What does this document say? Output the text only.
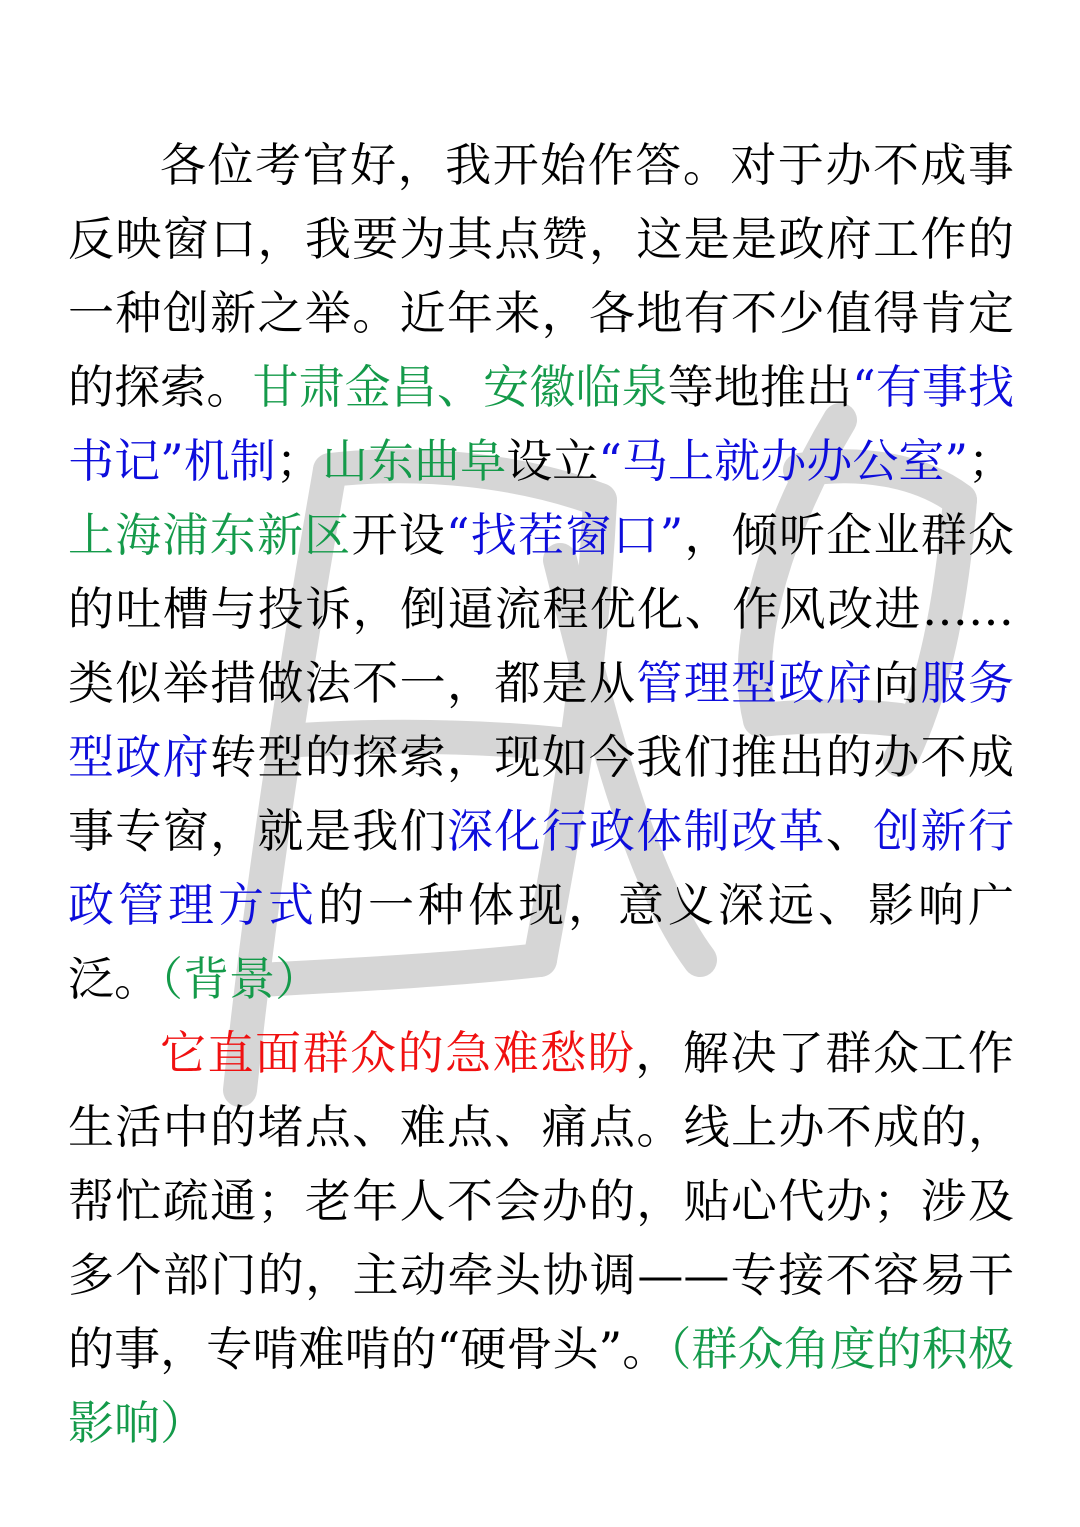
各位考官好，我开始作答。对于办不成事反映窗口，我要为其点赞，这是是政府工作的一种创新之举。近年来，各地有不少值得肯定的探索。甘肃金昌、安徽临泉等地推出“有事找书记”机制；山东曲阜设立“马上就办办公室”；上海浦东新区开设“找茬窗口”，倾听企业群众的吐槽与投诉，倒逼流程优化、作风改进……类似举措做法不一，都是从管理型政府向服务型政府转型的探索，现如今我们推出的办不成事专窗，就是我们深化行政体制改革、创新行政管理方式的一种体现，意义深远、影响广泛。（背景）

它直面群众的急难愁盼，解决了群众工作生活中的堵点、难点、痛点。线上办不成的，帮忙疏通；老年人不会办的，贴心代办；涉及多个部门的，主动牵头协调——专接不容易干的事，专啃难啃的“硬骨头”。（群众角度的积极影响）
